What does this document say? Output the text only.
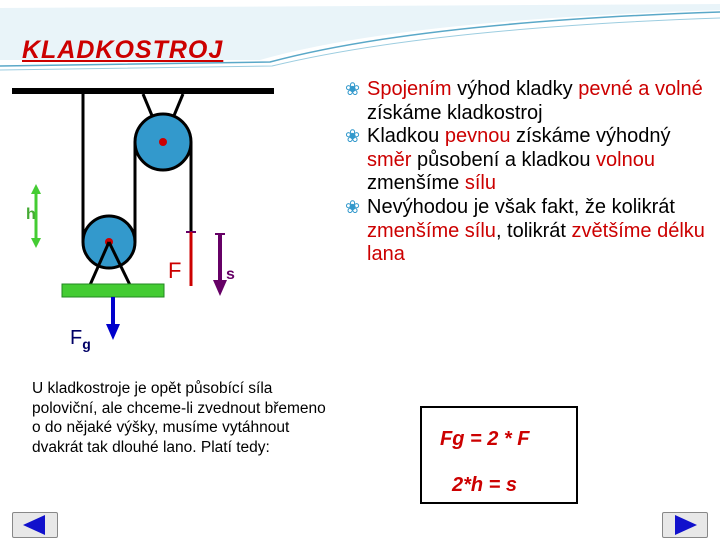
KLADKOSTROJ
h
F	s
$F_g$
❀ Spojením výhod kladky pevné a volné získáme kladkostroj
❀ Kladkou pevnou získáme výhodný směr působení a kladkou volnou zmenšíme sílu
❀ Nevýhodou je však fakt, že kolikrát zmenšíme sílu, tolikrát zvětšíme délku lana
U kladkostroje je opět působící síla poloviční, ale chceme-li zvednout břemeno o do nějaké výšky, musíme vytáhnout dvakrát tak dlouhé lano. Platí tedy:	Fg = 2 * F
2*h = s
